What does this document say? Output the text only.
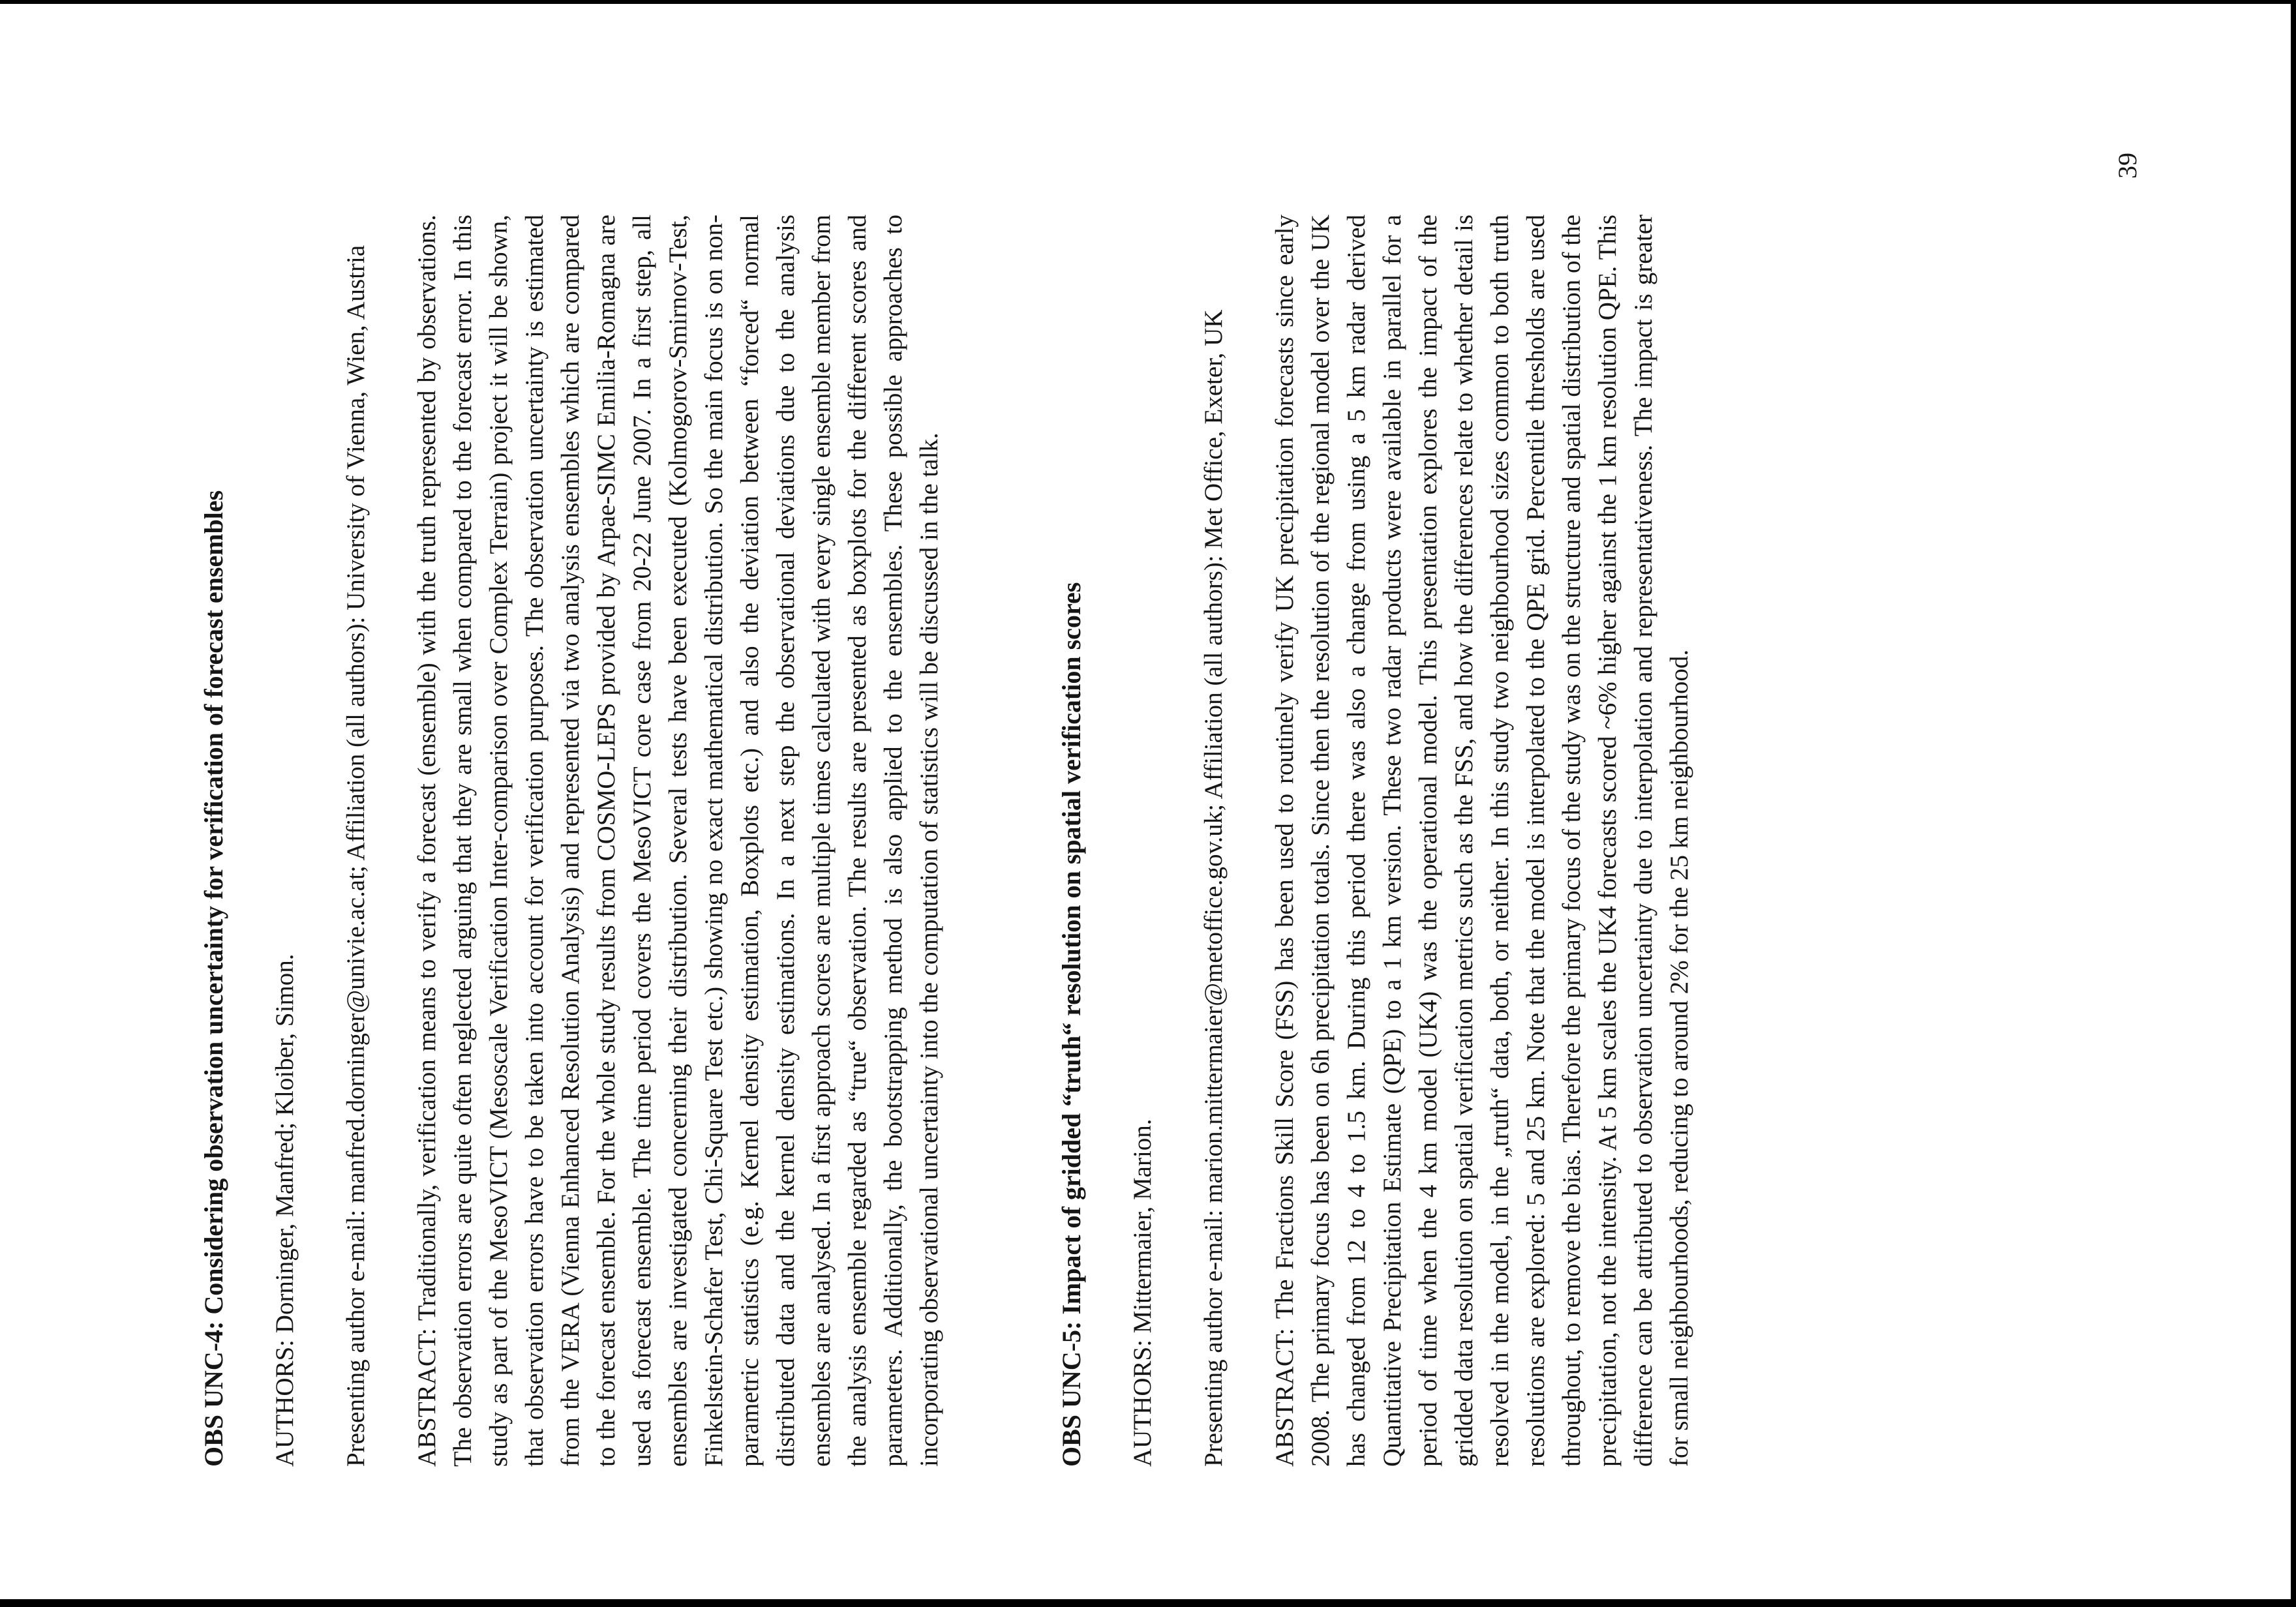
OBS UNC-4: Considering observation uncertainty for verification of forecast ensembles AUTHORS: Dorninger, Manfred; Kloiber, Simon.
Presenting author e-mail: manfred.dorninger@univie.ac.at; Affiliation (all authors): University of Vienna, Wien, Austria
ABSTRACT: Traditionally, verification means to verify a forecast (ensemble) with the truth represented by observations. The observation errors are quite often neglected arguing that they are small when compared to the forecast error. In this study as part of the MesoVICT (Mesoscale Verification Inter-comparison over Complex Terrain) project it will be shown, that observation errors have to be taken into account for verification purposes. The observation uncertainty is estimated from the VERA (Vienna Enhanced Resolution Analysis) and represented via two analysis ensembles which are compared to the forecast ensemble. For the whole study results from COSMO-LEPS provided by Arpae-SIMC Emilia-Romagna are used as forecast ensemble. The time period covers the MesoVICT core case from 20-22 June 2007. In a first step, all ensembles are investigated concerning their distribution. Several tests have been executed (Kolmogorov-Smirnov-Test, Finkelstein-Schafer Test, Chi-Square Test etc.) showing no exact mathematical distribution. So the main focus is on non-parametric statistics (e.g. Kernel density estimation, Boxplots etc.) and also the deviation between “forced“ normal distributed data and the kernel density estimations. In a next step the observational deviations due to the analysis ensembles are analysed. In a first approach scores are multiple times calculated with every single ensemble member from the analysis ensemble regarded as “true“ observation. The results are presented as boxplots for the different scores and parameters. Additionally, the bootstrapping method is also applied to the ensembles. These possible approaches to incorporating observational uncertainty into the computation of statistics will be discussed in the talk.	OBS UNC-5: Impact of gridded “truth“ resolution on spatial verification scores AUTHORS: Mittermaier, Marion. Presenting author e-mail: marion.mittermaier@metoffice.gov.uk; Affiliation (all authors): Met Office, Exeter, UK
ABSTRACT: The Fractions Skill Score (FSS) has been used to routinely verify UK precipitation forecasts since early 2008. The primary focus has been on 6h precipitation totals. Since then the resolution of the regional model over the UK has changed from 12 to 4 to 1.5 km. During this period there was also a change from using a 5 km radar derived Quantitative Precipitation Estimate (QPE) to a 1 km version. These two radar products were available in parallel for a period of time when the 4 km model (UK4) was the operational model. This presentation explores the impact of the gridded data resolution on spatial verification metrics such as the FSS, and how the differences relate to whether detail is resolved in the model, in the „truth“ data, both, or neither. In this study two neighbourhood sizes common to both truth resolutions are explored: 5 and 25 km. Note that the model is interpolated to the QPE grid. Percentile thresholds are used throughout, to remove the bias. Therefore the primary focus of the study was on the structure and spatial distribution of the precipitation, not the intensity. At 5 km scales the UK4 forecasts scored ~6% higher against the 1 km resolution QPE. This difference can be attributed to observation uncertainty due to interpolation and representativeness. The impact is greater for small neighbourhoods, reducing to around 2% for the 25 km neighbourhood.
39
